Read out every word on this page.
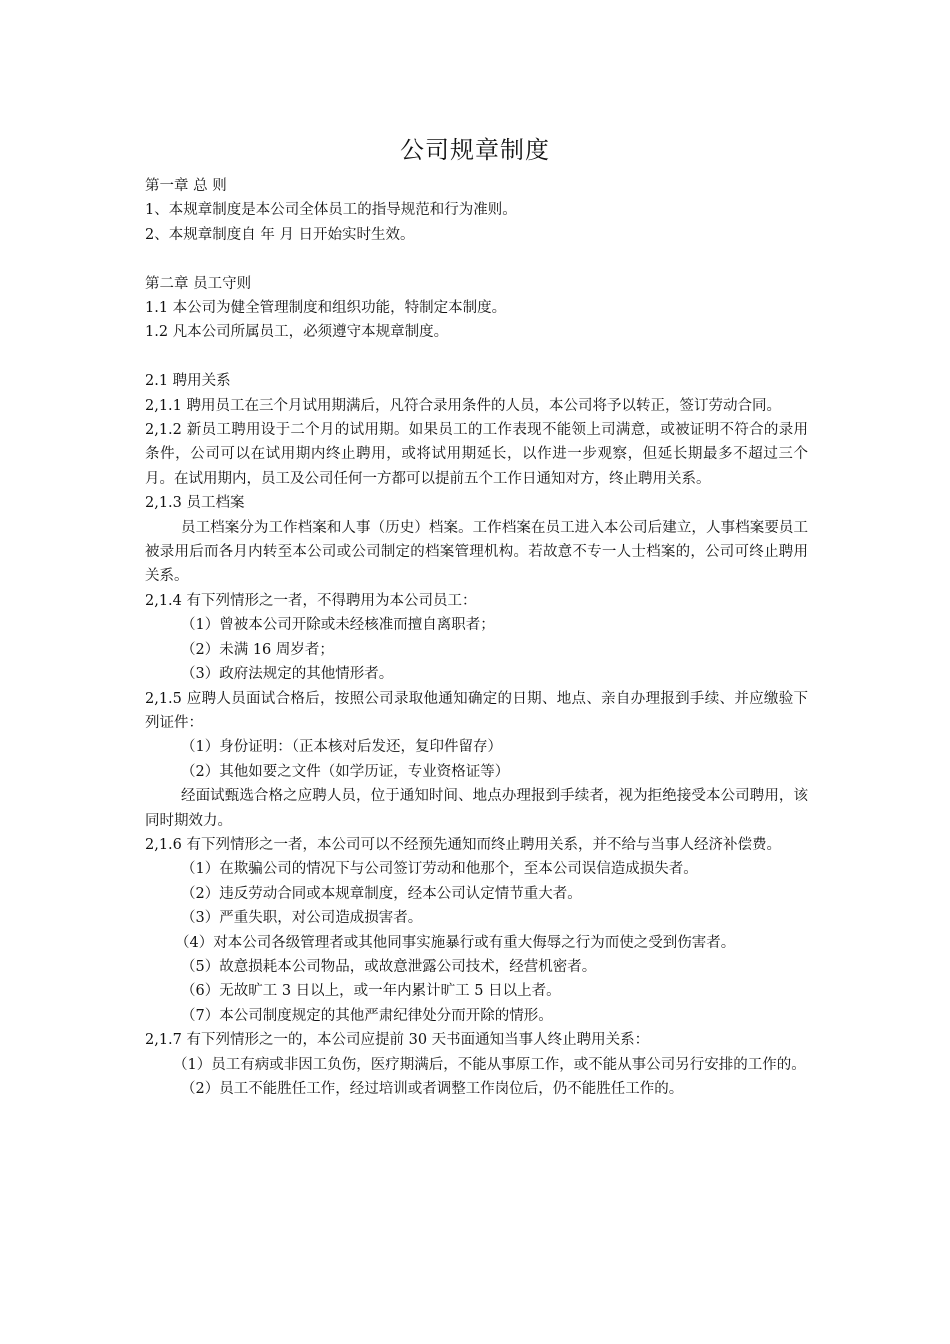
公司规章制度

第一章 总 则

1、本规章制度是本公司全体员工的指导规范和行为准则。

2、本规章制度自 年 月 日开始实时生效。

第二章 员工守则

1.1 本公司为健全管理制度和组织功能，特制定本制度。

1.2 凡本公司所属员工，必须遵守本规章制度。

2.1 聘用关系

2,1.1 聘用员工在三个月试用期满后，凡符合录用条件的人员，本公司将予以转正，签订劳动合同。

2,1.2 新员工聘用设于二个月的试用期。如果员工的工作表现不能领上司满意，或被证明不符合的录用条件，公司可以在试用期内终止聘用，或将试用期延长，以作进一步观察，但延长期最多不超过三个月。在试用期内，员工及公司任何一方都可以提前五个工作日通知对方，终止聘用关系。

2,1.3 员工档案

员工档案分为工作档案和人事（历史）档案。工作档案在员工进入本公司后建立，人事档案要员工被录用后而各月内转至本公司或公司制定的档案管理机构。若故意不专一人士档案的，公司可终止聘用关系。

2,1.4 有下列情形之一者，不得聘用为本公司员工：

（1）曾被本公司开除或未经核准而擅自离职者；

（2）未满 16 周岁者；

（3）政府法规定的其他情形者。

2,1.5 应聘人员面试合格后，按照公司录取他通知确定的日期、地点、亲自办理报到手续、并应缴验下列证件：

（1）身份证明：（正本核对后发还，复印件留存）

（2）其他如要之文件（如学历证，专业资格证等）

经面试甄选合格之应聘人员，位于通知时间、地点办理报到手续者，视为拒绝接受本公司聘用，该同时期效力。

2,1.6 有下列情形之一者，本公司可以不经预先通知而终止聘用关系，并不给与当事人经济补偿费。

（1）在欺骗公司的情况下与公司签订劳动和他那个，至本公司误信造成损失者。

（2）违反劳动合同或本规章制度，经本公司认定情节重大者。

（3）严重失职，对公司造成损害者。

（4）对本公司各级管理者或其他同事实施暴行或有重大侮辱之行为而使之受到伤害者。

（5）故意损耗本公司物品，或故意泄露公司技术，经营机密者。

（6）无故旷工 3 日以上，或一年内累计旷工 5 日以上者。

（7）本公司制度规定的其他严肃纪律处分而开除的情形。

2,1.7 有下列情形之一的，本公司应提前 30 天书面通知当事人终止聘用关系：

（1）员工有病或非因工负伤，医疗期满后，不能从事原工作，或不能从事公司另行安排的工作的。

（2）员工不能胜任工作，经过培训或者调整工作岗位后，仍不能胜任工作的。
